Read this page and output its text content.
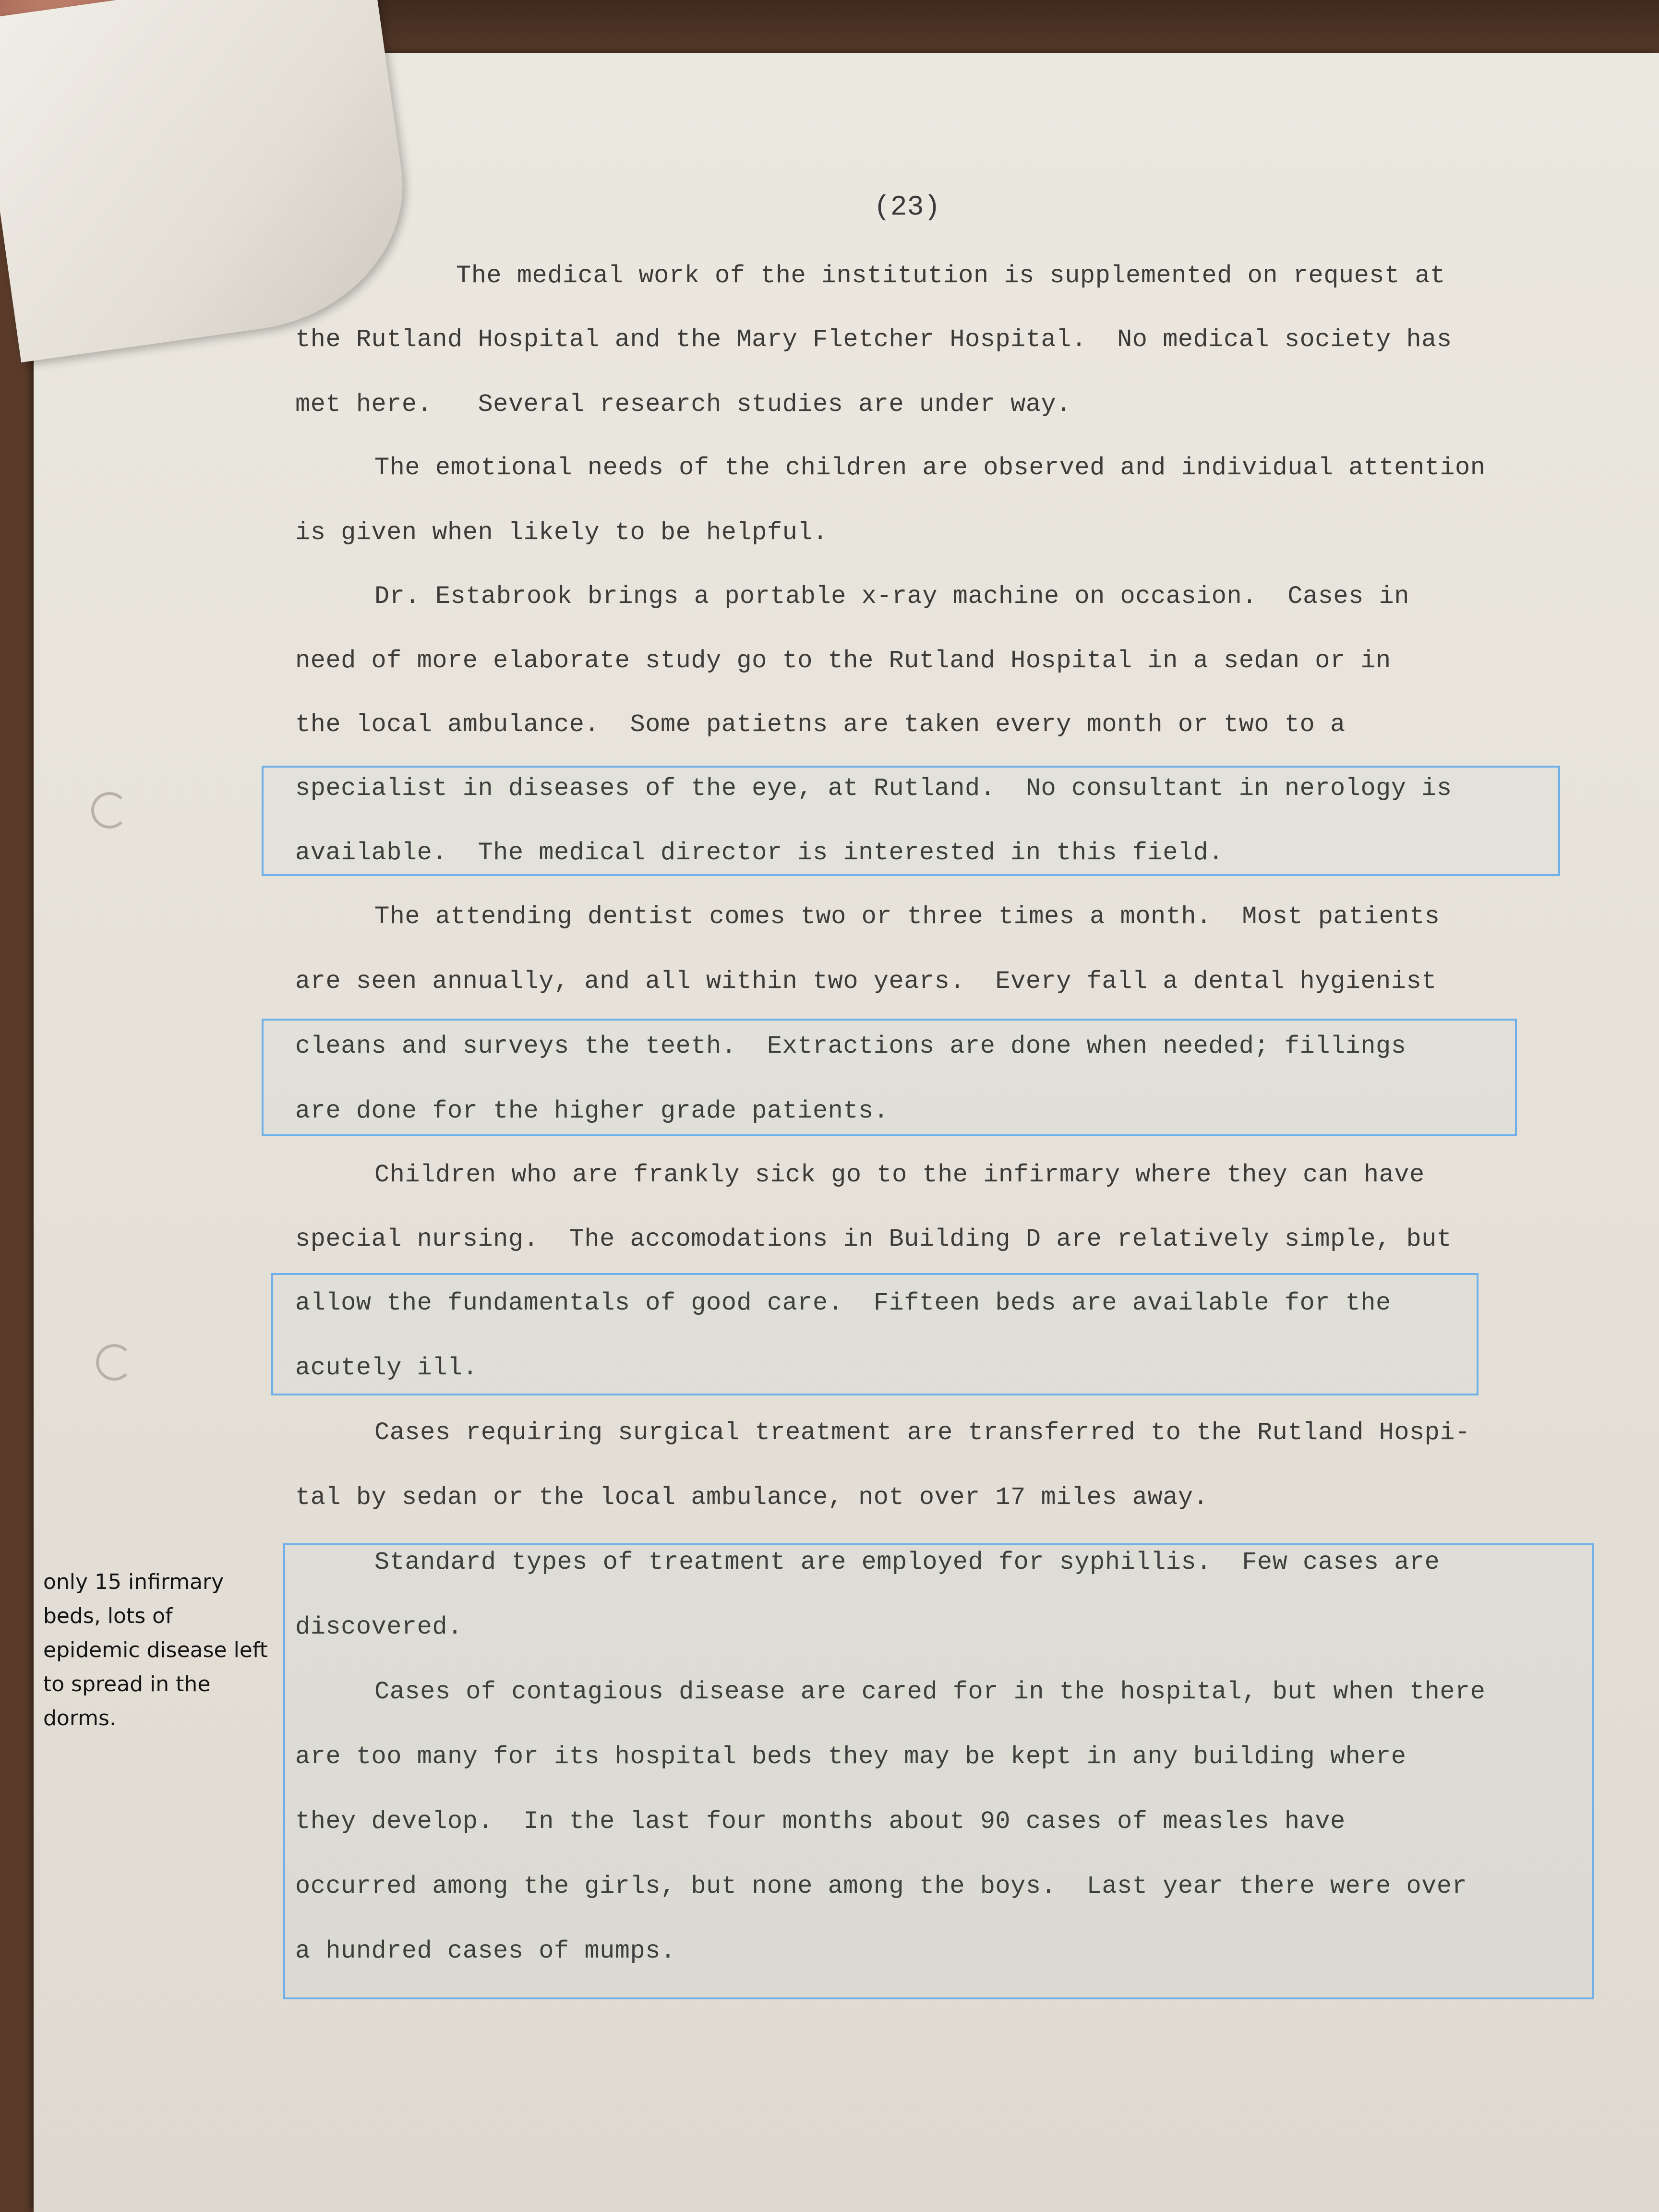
(23)
The medical work of the institution is supplemented on request at
the Rutland Hospital and the Mary Fletcher Hospital.  No medical society has
met here.   Several research studies are under way.
The emotional needs of the children are observed and individual attention
is given when likely to be helpful.
Dr. Estabrook brings a portable x-ray machine on occasion.  Cases in
need of more elaborate study go to the Rutland Hospital in a sedan or in
the local ambulance.  Some patietns are taken every month or two to a
specialist in diseases of the eye, at Rutland.  No consultant in nerology is
available.  The medical director is interested in this field.
The attending dentist comes two or three times a month.  Most patients
are seen annually, and all within two years.  Every fall a dental hygienist
cleans and surveys the teeth.  Extractions are done when needed; fillings
are done for the higher grade patients.
Children who are frankly sick go to the infirmary where they can have
special nursing.  The accomodations in Building D are relatively simple, but
allow the fundamentals of good care.  Fifteen beds are available for the
acutely ill.
Cases requiring surgical treatment are transferred to the Rutland Hospi-
tal by sedan or the local ambulance, not over 17 miles away.
Standard types of treatment are employed for syphillis.  Few cases are
discovered.
Cases of contagious disease are cared for in the hospital, but when there
are too many for its hospital beds they may be kept in any building where
they develop.  In the last four months about 90 cases of measles have
occurred among the girls, but none among the boys.  Last year there were over
a hundred cases of mumps.
only 15 infirmary beds, lots of epidemic disease left to spread in the dorms.
